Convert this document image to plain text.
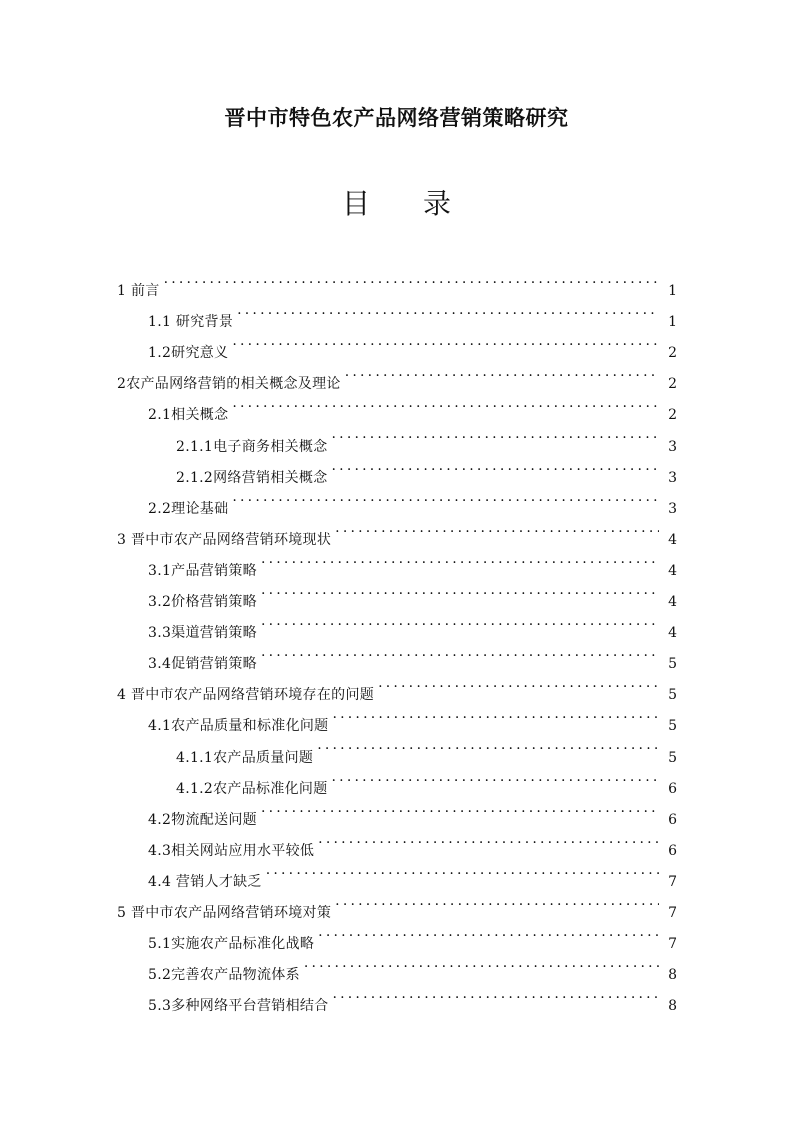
晋中市特色农产品网络营销策略研究
目 录
1 前言 .....	1
1.1 研究背景 .....	1
1.2研究意义 .....	2
2农产品网络营销的相关概念及理论 .....	2
2.1相关概念 .....	2
2.1.1电子商务相关概念 .....	3
2.1.2网络营销相关概念 .....	3
2.2理论基础 .....	3
3 晋中市农产品网络营销环境现状 .....	4
3.1产品营销策略 .....	4
3.2价格营销策略 .....	4
3.3渠道营销策略 .....	4
3.4促销营销策略 .....	5
4 晋中市农产品网络营销环境存在的问题 .....	5
4.1农产品质量和标准化问题 .....	5
4.1.1农产品质量问题 .....	5
4.1.2农产品标准化问题 .....	6
4.2物流配送问题 .....	6
4.3相关网站应用水平较低 .....	6
4.4 营销人才缺乏 .....	7
5 晋中市农产品网络营销环境对策 .....	7
5.1实施农产品标准化战略 .....	7
5.2完善农产品物流体系 .....	8
5.3多种网络平台营销相结合 .....	8
